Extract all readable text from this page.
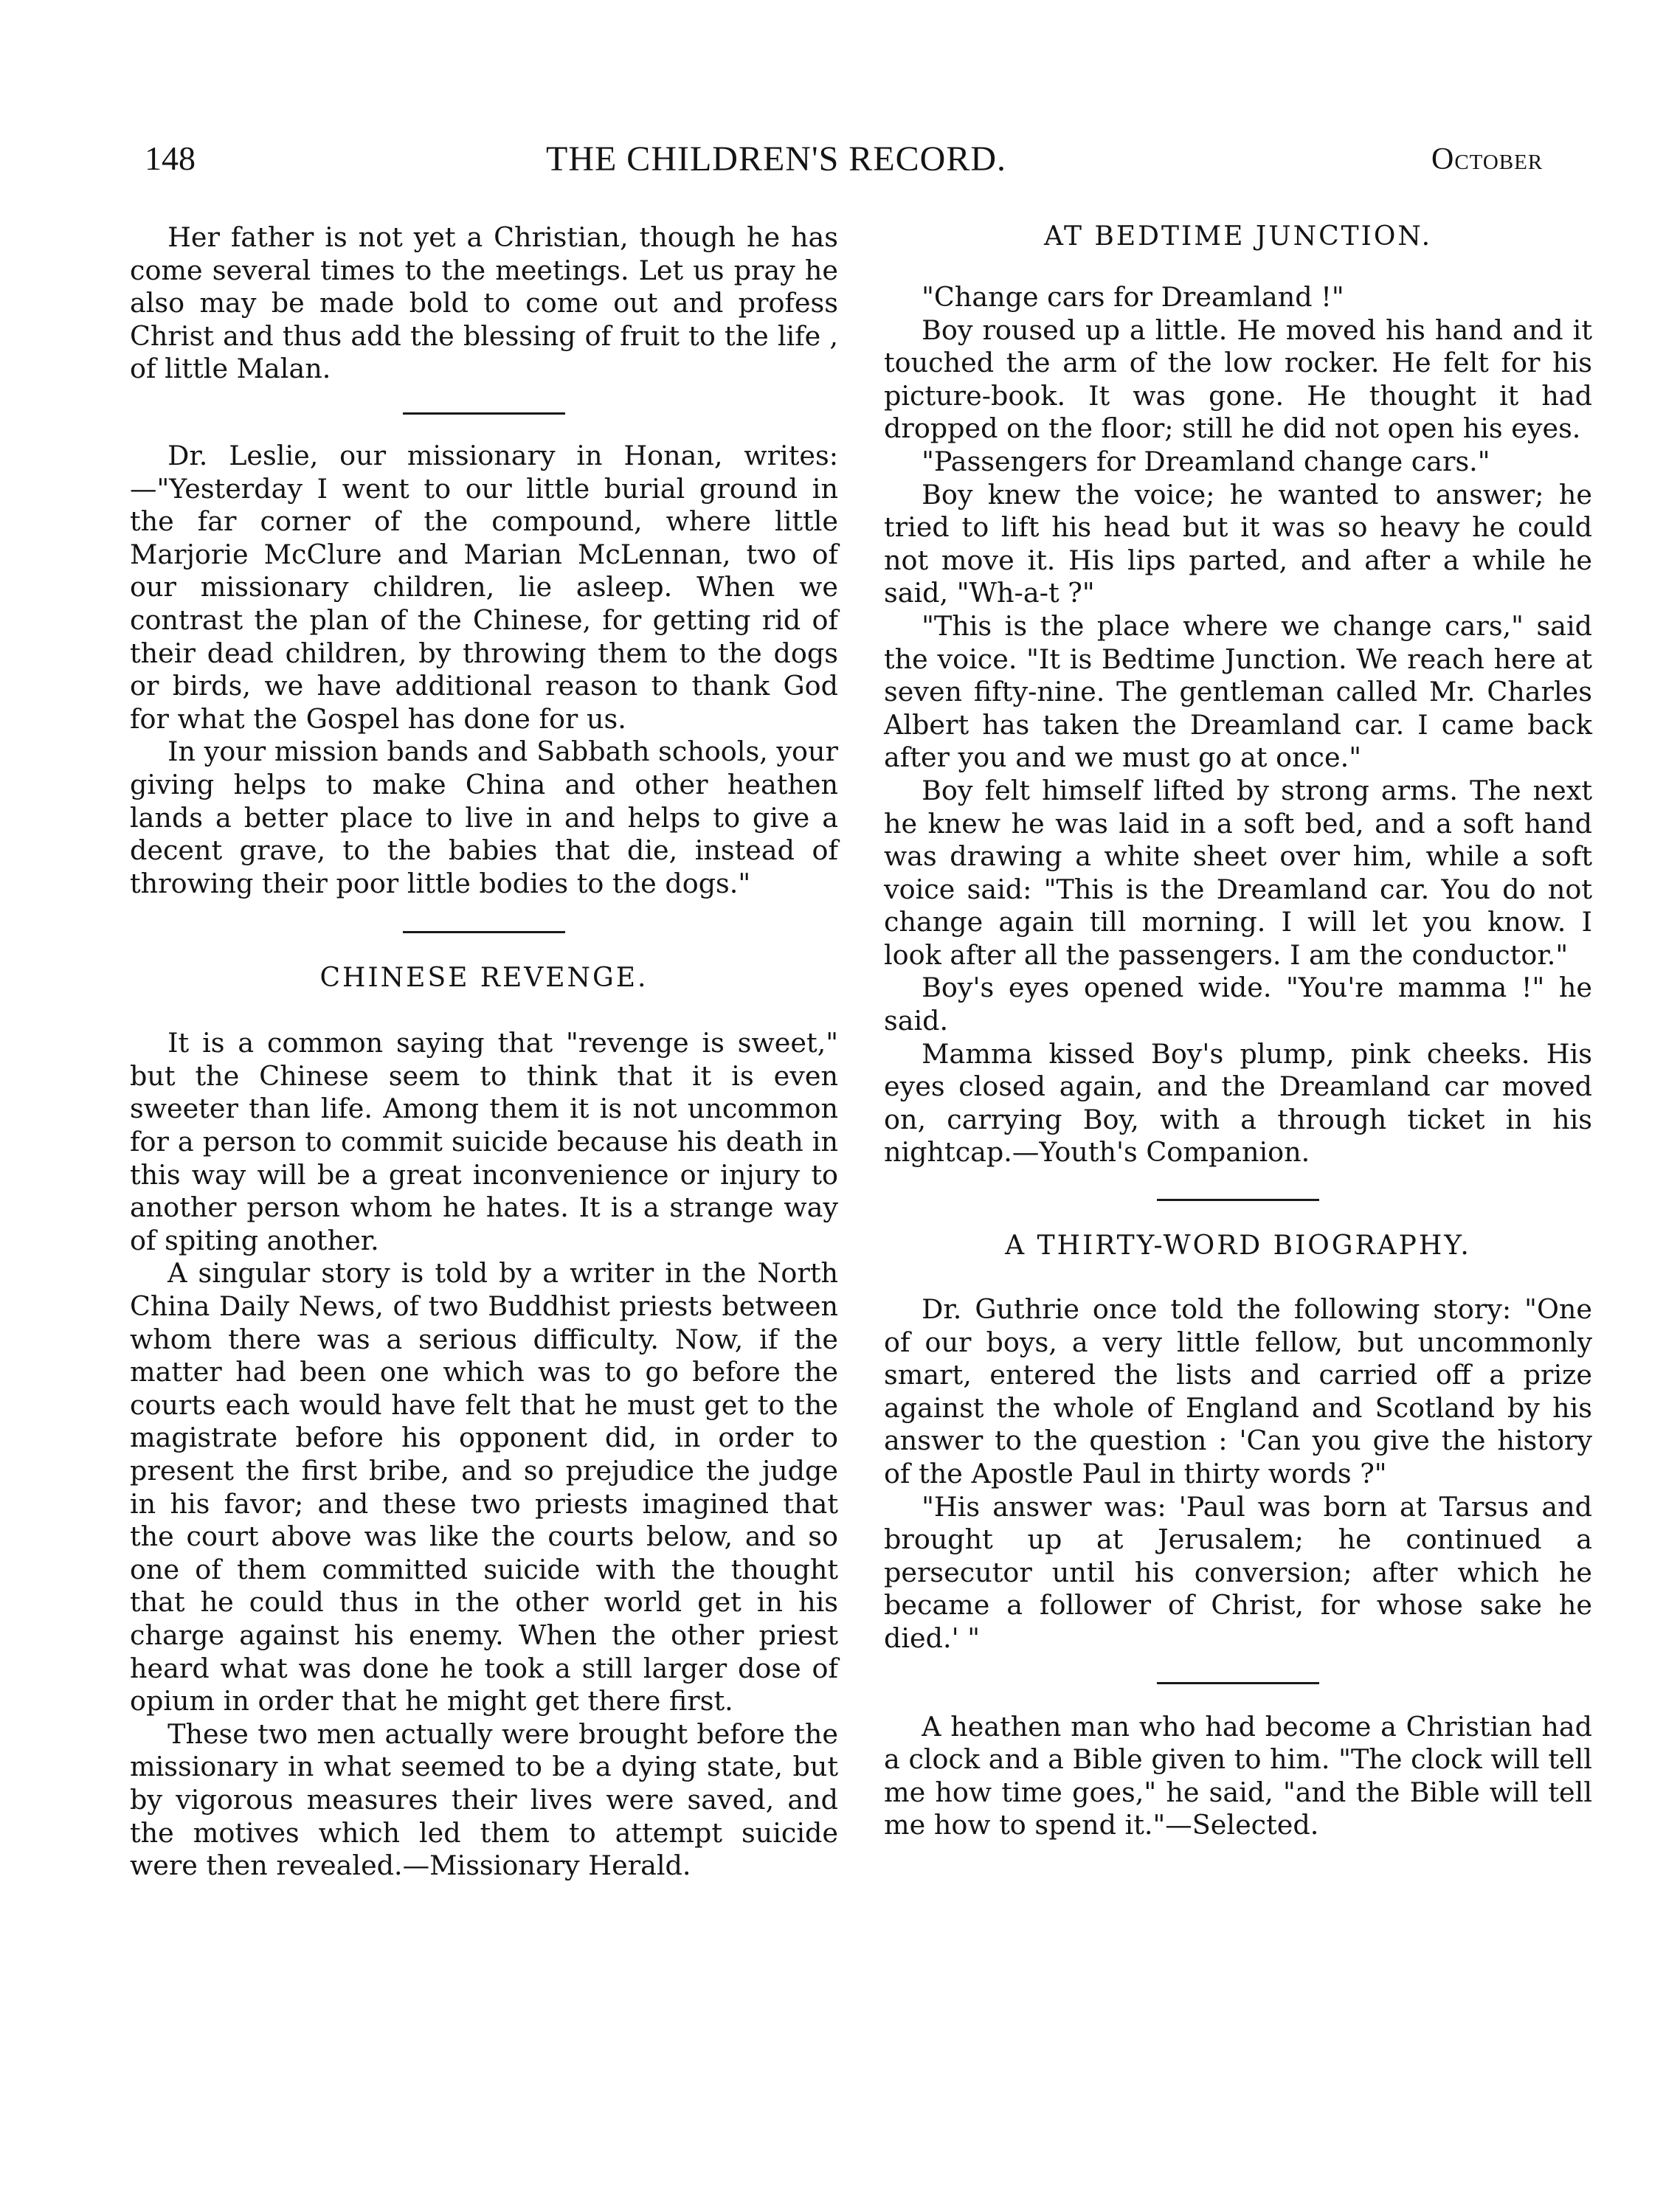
148	THE CHILDREN'S RECORD.	October

Her father is not yet a Christian, though he has come several times to the meetings. Let us pray he also may be made bold to come out and profess Christ and thus add the blessing of fruit to the life , of little Malan.

Dr. Leslie, our missionary in Honan, writes: —"Yesterday I went to our little burial ground in the far corner of the compound, where little Marjorie McClure and Marian McLennan, two of our missionary children, lie asleep. When we contrast the plan of the Chinese, for getting rid of their dead children, by throwing them to the dogs or birds, we have additional reason to thank God for what the Gospel has done for us.

In your mission bands and Sabbath schools, your giving helps to make China and other heathen lands a better place to live in and helps to give a decent grave, to the babies that die, instead of throwing their poor little bodies to the dogs."

CHINESE REVENGE.

It is a common saying that "revenge is sweet," but the Chinese seem to think that it is even sweeter than life. Among them it is not uncommon for a person to commit suicide because his death in this way will be a great inconvenience or injury to another person whom he hates. It is a strange way of spiting another.

A singular story is told by a writer in the North China Daily News, of two Buddhist priests between whom there was a serious difficulty. Now, if the matter had been one which was to go before the courts each would have felt that he must get to the magistrate before his opponent did, in order to present the first bribe, and so prejudice the judge in his favor; and these two priests imagined that the court above was like the courts below, and so one of them committed suicide with the thought that he could thus in the other world get in his charge against his enemy. When the other priest heard what was done he took a still larger dose of opium in order that he might get there first.

These two men actually were brought before the missionary in what seemed to be a dying state, but by vigorous measures their lives were saved, and the motives which led them to attempt suicide were then revealed.—Missionary Herald.

AT BEDTIME JUNCTION.

"Change cars for Dreamland !"

Boy roused up a little. He moved his hand and it touched the arm of the low rocker. He felt for his picture-book. It was gone. He thought it had dropped on the floor; still he did not open his eyes.

"Passengers for Dreamland change cars."

Boy knew the voice; he wanted to answer; he tried to lift his head but it was so heavy he could not move it. His lips parted, and after a while he said, "Wh-a-t ?"

"This is the place where we change cars," said the voice. "It is Bedtime Junction. We reach here at seven fifty-nine. The gentleman called Mr. Charles Albert has taken the Dreamland car. I came back after you and we must go at once."

Boy felt himself lifted by strong arms. The next he knew he was laid in a soft bed, and a soft hand was drawing a white sheet over him, while a soft voice said: "This is the Dreamland car. You do not change again till morning. I will let you know. I look after all the passengers. I am the conductor."

Boy's eyes opened wide. "You're mamma !" he said.

Mamma kissed Boy's plump, pink cheeks. His eyes closed again, and the Dreamland car moved on, carrying Boy, with a through ticket in his nightcap.—Youth's Companion.

A THIRTY-WORD BIOGRAPHY.

Dr. Guthrie once told the following story: "One of our boys, a very little fellow, but uncommonly smart, entered the lists and carried off a prize against the whole of England and Scotland by his answer to the question : 'Can you give the history of the Apostle Paul in thirty words ?"

"His answer was: 'Paul was born at Tarsus and brought up at Jerusalem; he continued a persecutor until his conversion; after which he became a follower of Christ, for whose sake he died.' "

A heathen man who had become a Christian had a clock and a Bible given to him. "The clock will tell me how time goes," he said, "and the Bible will tell me how to spend it."—Selected.
